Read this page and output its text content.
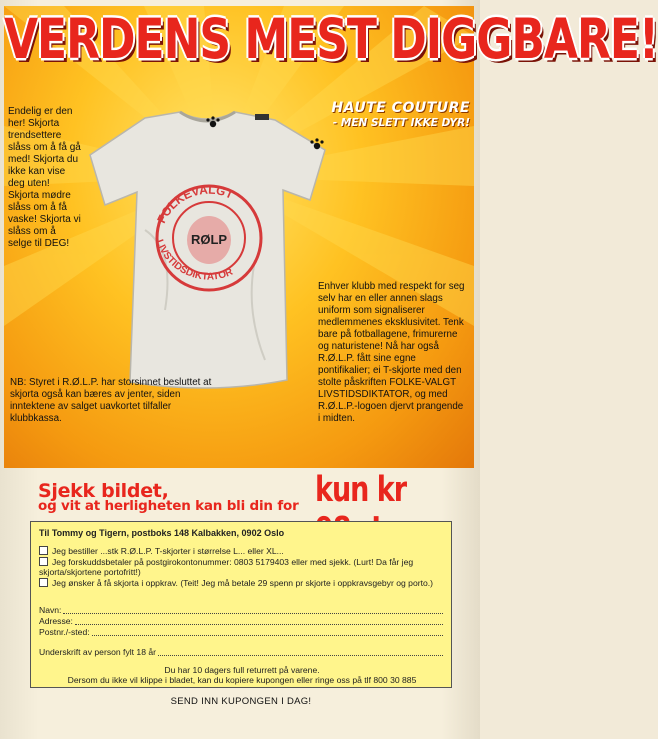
VERDENS MEST DIGGBARE!
Endelig er den her! Skjorta trendsettere slåss om å få gå med! Skjorta du ikke kan vise deg uten! Skjorta mødre slåss om å få vaske! Skjorta vi slåss om å selge til DEG!
HAUTE COUTURE
- MEN SLETT IKKE DYR!
FOLKEVALGT
LIVSTIDSDIKTATOR
RØLP
Enhver klubb med respekt for seg selv har en eller annen slags uniform som signaliserer medlemmenes eksklusivitet. Tenk bare på fotballagene, frimurerne og naturistene! Nå har også R.Ø.L.P. fått sine egne pontifikalier; ei T-skjorte med den stolte påskriften FOLKE-VALGT LIVSTIDSDIKTATOR, og med R.Ø.L.P.-logoen djervt prangende i midten.
NB: Styret i R.Ø.L.P. har storsinnet besluttet at skjorta også kan bæres av jenter, siden inntektene av salget uavkortet tilfaller klubbkassa.
Sjekk bildet,
og vit at herligheten kan bli din for kun kr
Til Tommy og Tigern, postboks 148 Kalbakken, 0902 Oslo
Jeg bestiller ...stk R.Ø.L.P. T-skjorter i størrelse L... eller XL...
Jeg forskuddsbetaler på postgirokontonummer: 0803 5179403 eller med sjekk. (Lurt! Da får jeg skjorta/skjortene portofritt!)
Jeg ønsker å få skjorta i oppkrav. (Teit! Jeg må betale 29 spenn pr skjorte i oppkravsgebyr og porto.)
Navn:
Adresse:
Postnr./-sted:
Underskrift av person fylt 18 år
Du har 10 dagers full returrett på varene.
Dersom du ikke vil klippe i bladet, kan du kopiere kupongen eller ringe oss på tlf 800 30 885
SEND INN KUPONGEN I DAG!
